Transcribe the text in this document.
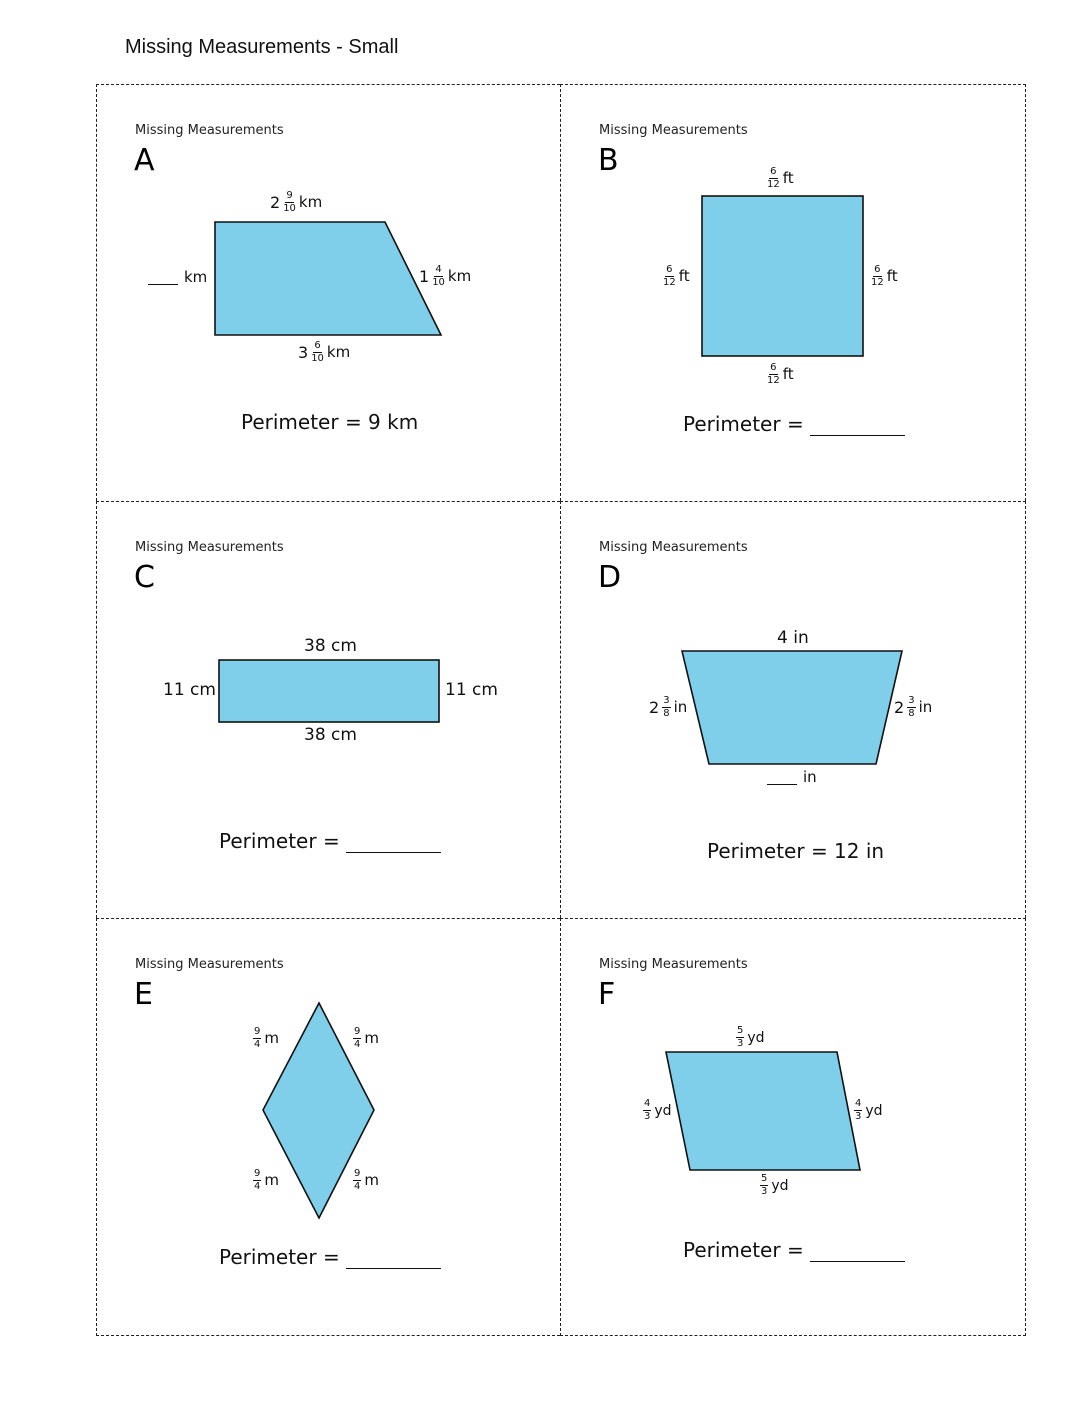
Missing Measurements - Small
Missing Measurements
A
$2 \frac{9}{10}$ km
km	$1 \frac{4}{10}$ km
$3 \frac{6}{10}$ km
Perimeter = 9 km
Missing Measurements
B
$\frac{6}{12}$ ft
$\frac{6}{12}$ ft	$\frac{6}{12}$ ft
$\frac{6}{12}$ ft
Perimeter =
Missing Measurements
C
38 cm
11 cm	11 cm
38 cm
Perimeter =
Missing Measurements
D
4 in
$2 \frac{3}{8}$ in	$2 \frac{3}{8}$ in
in
Perimeter = 12 in
Missing Measurements
E
$\frac{9}{4}$ m	$\frac{9}{4}$ m
$\frac{9}{4}$ m	$\frac{9}{4}$ m
Perimeter =
Missing Measurements
F
$\frac{5}{3}$ yd
$\frac{4}{3}$ yd	$\frac{4}{3}$ yd
$\frac{5}{3}$ yd
Perimeter =
